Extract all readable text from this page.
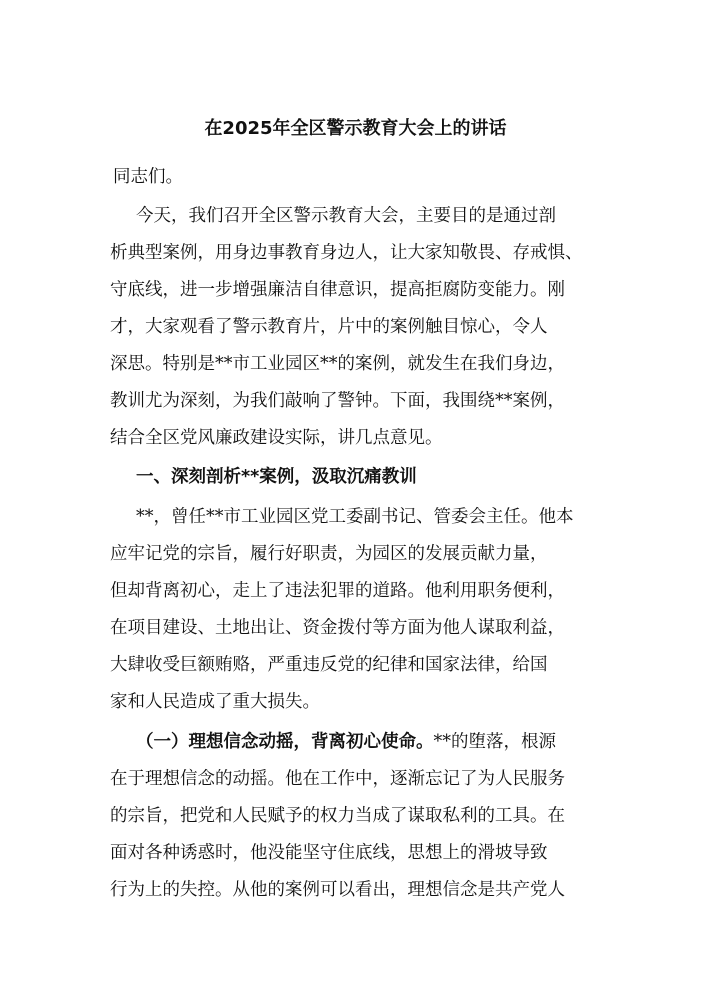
在2025年全区警示教育大会上的讲话
同志们。
今天，我们召开全区警示教育大会，主要目的是通过剖
析典型案例，用身边事教育身边人，让大家知敬畏、存戒惧、
守底线，进一步增强廉洁自律意识，提高拒腐防变能力。刚
才，大家观看了警示教育片，片中的案例触目惊心，令人
深思。特别是**市工业园区**的案例，就发生在我们身边，
教训尤为深刻，为我们敲响了警钟。下面，我围绕**案例，
结合全区党风廉政建设实际，讲几点意见。
一、深刻剖析**案例，汲取沉痛教训
**，曾任**市工业园区党工委副书记、管委会主任。他本
应牢记党的宗旨，履行好职责，为园区的发展贡献力量，
但却背离初心，走上了违法犯罪的道路。他利用职务便利，
在项目建设、土地出让、资金拨付等方面为他人谋取利益，
大肆收受巨额贿赂，严重违反党的纪律和国家法律，给国
家和人民造成了重大损失。
（一）理想信念动摇，背离初心使命。**的堕落，根源
在于理想信念的动摇。他在工作中，逐渐忘记了为人民服务
的宗旨，把党和人民赋予的权力当成了谋取私利的工具。在
面对各种诱惑时，他没能坚守住底线，思想上的滑坡导致
行为上的失控。从他的案例可以看出，理想信念是共产党人
